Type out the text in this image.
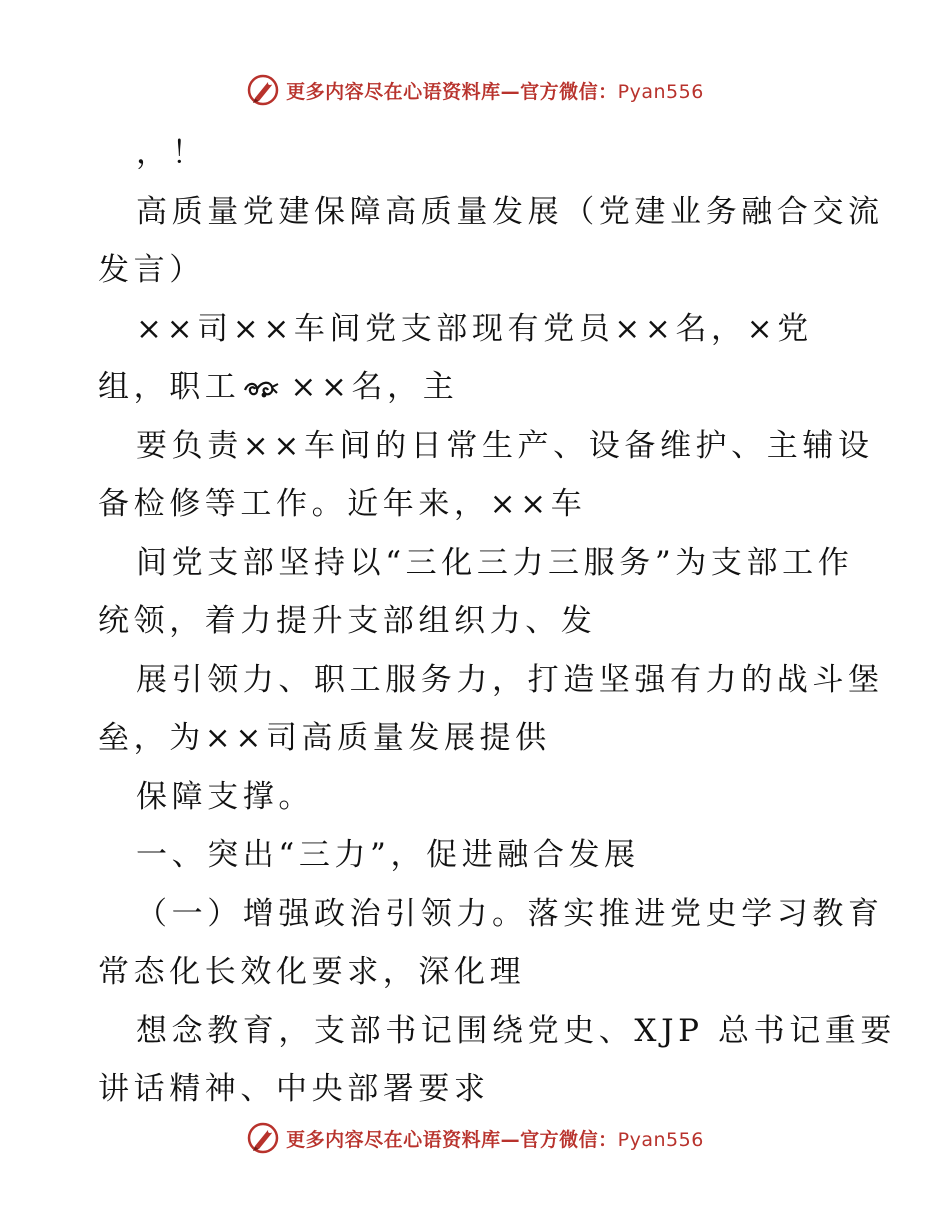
更多内容尽在心语资料库—官方微信：Pyan556
，！
高质量党建保障高质量发展（党建业务融合交流
发言）
××司××车间党支部现有党员××名，×党
组，职工 ××名，主
要负责××车间的日常生产、设备维护、主辅设
备检修等工作。近年来，××车
间党支部坚持以“三化三力三服务”为支部工作
统领，着力提升支部组织力、发
展引领力、职工服务力，打造坚强有力的战斗堡
垒，为××司高质量发展提供
保障支撑。
一、突出“三力”，促进融合发展
（一）增强政治引领力。落实推进党史学习教育
常态化长效化要求，深化理
想念教育，支部书记围绕党史、XJP 总书记重要
讲话精神、中央部署要求
更多内容尽在心语资料库—官方微信：Pyan556
